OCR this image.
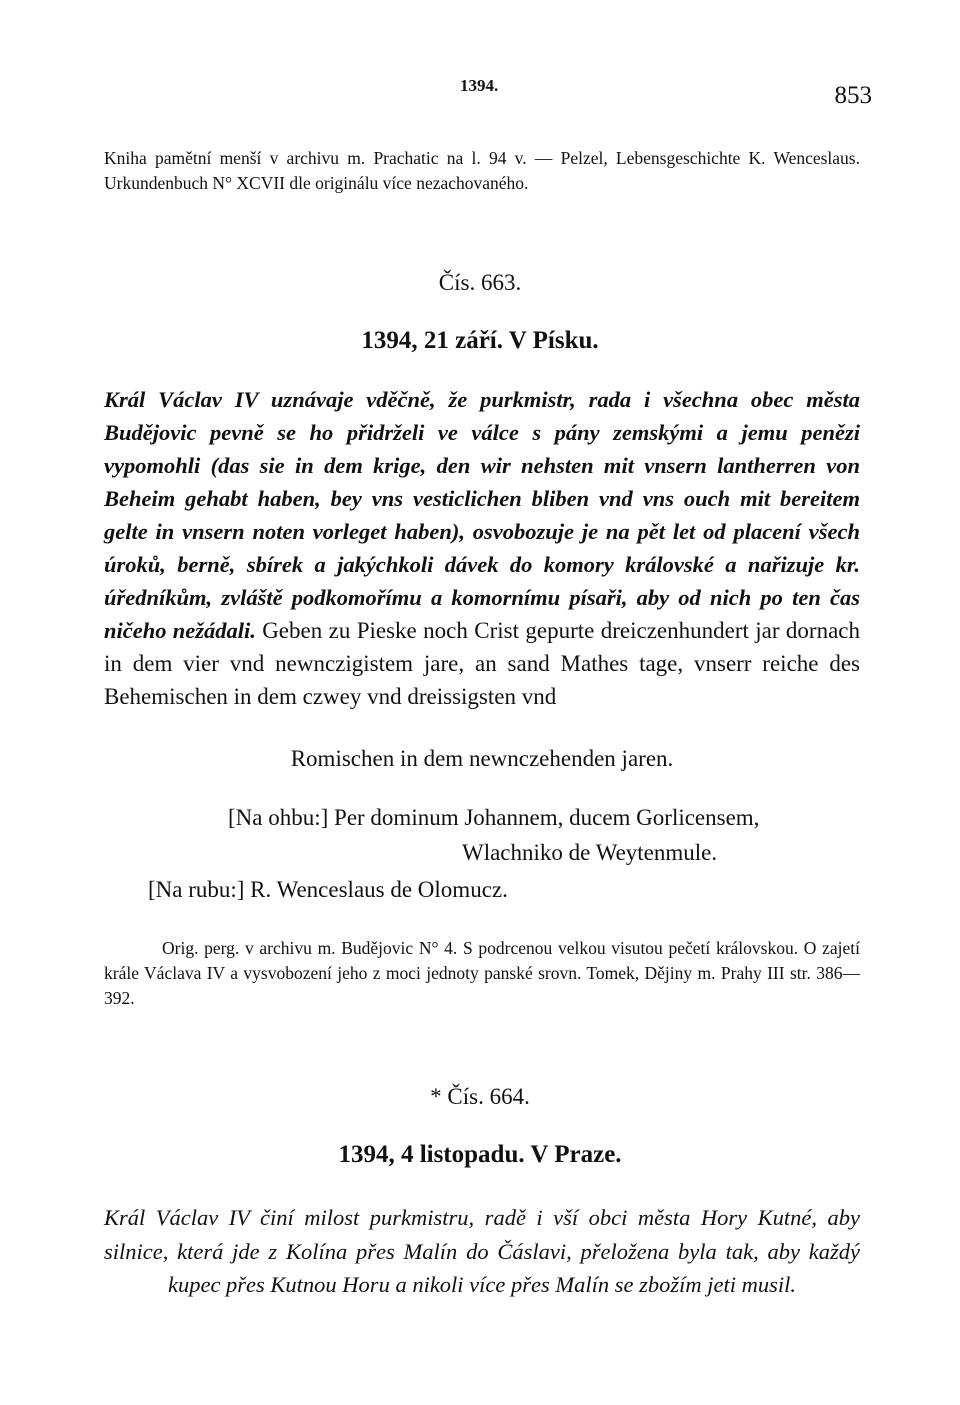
1394.	853
Kniha pamětní menší v archivu m. Prachatic na l. 94 v. — Pelzel, Lebensgeschichte K. Wenceslaus. Urkundenbuch N° XCVII dle originálu více nezachovaného.
Čís. 663.
1394, 21 září. V Písku.
Král Václav IV uznávaje vděčně, že purkmistr, rada i všechna obec města Budějovic pevně se ho přidrželi ve válce s pány zemskými a jemu penězi vypomohli (das sie in dem krige, den wir nehsten mit vnsern lantherren von Beheim gehabt haben, bey vns vesticlichen bliben vnd vns ouch mit bereitem gelte in vnsern noten vorleget haben), osvobozuje je na pět let od placení všech úroků, berně, sbírek a jakýchkoli dávek do komory královské a nařizuje kr. úředníkům, zvláště podkomořímu a komornímu písaři, aby od nich po ten čas ničeho nežádali. Geben zu Pieske noch Crist gepurte dreiczenhundert jar dornach in dem vier vnd newnczigistem jare, an sand Mathes tage, vnserr reiche des Behemischen in dem czwey vnd dreissigsten vnd
Romischen in dem newnczehenden jaren.
[Na ohbu:] Per dominum Johannem, ducem Gorlicensem,
Wlachniko de Weytenmule.
[Na rubu:] R. Wenceslaus de Olomucz.
Orig. perg. v archivu m. Budějovic N° 4. S podrcenou velkou visutou pečetí královskou. O zajetí krále Václava IV a vysvobození jeho z moci jednoty panské srovn. Tomek, Dějiny m. Prahy III str. 386—392.
* Čís. 664.
1394, 4 listopadu. V Praze.
Král Václav IV činí milost purkmistru, radě i vší obci města Hory Kutné, aby silnice, která jde z Kolína přes Malín do Čáslavi, přeložena byla tak, aby každý kupec přes Kutnou Horu a nikoli více přes Malín se zbožím jeti musil.
